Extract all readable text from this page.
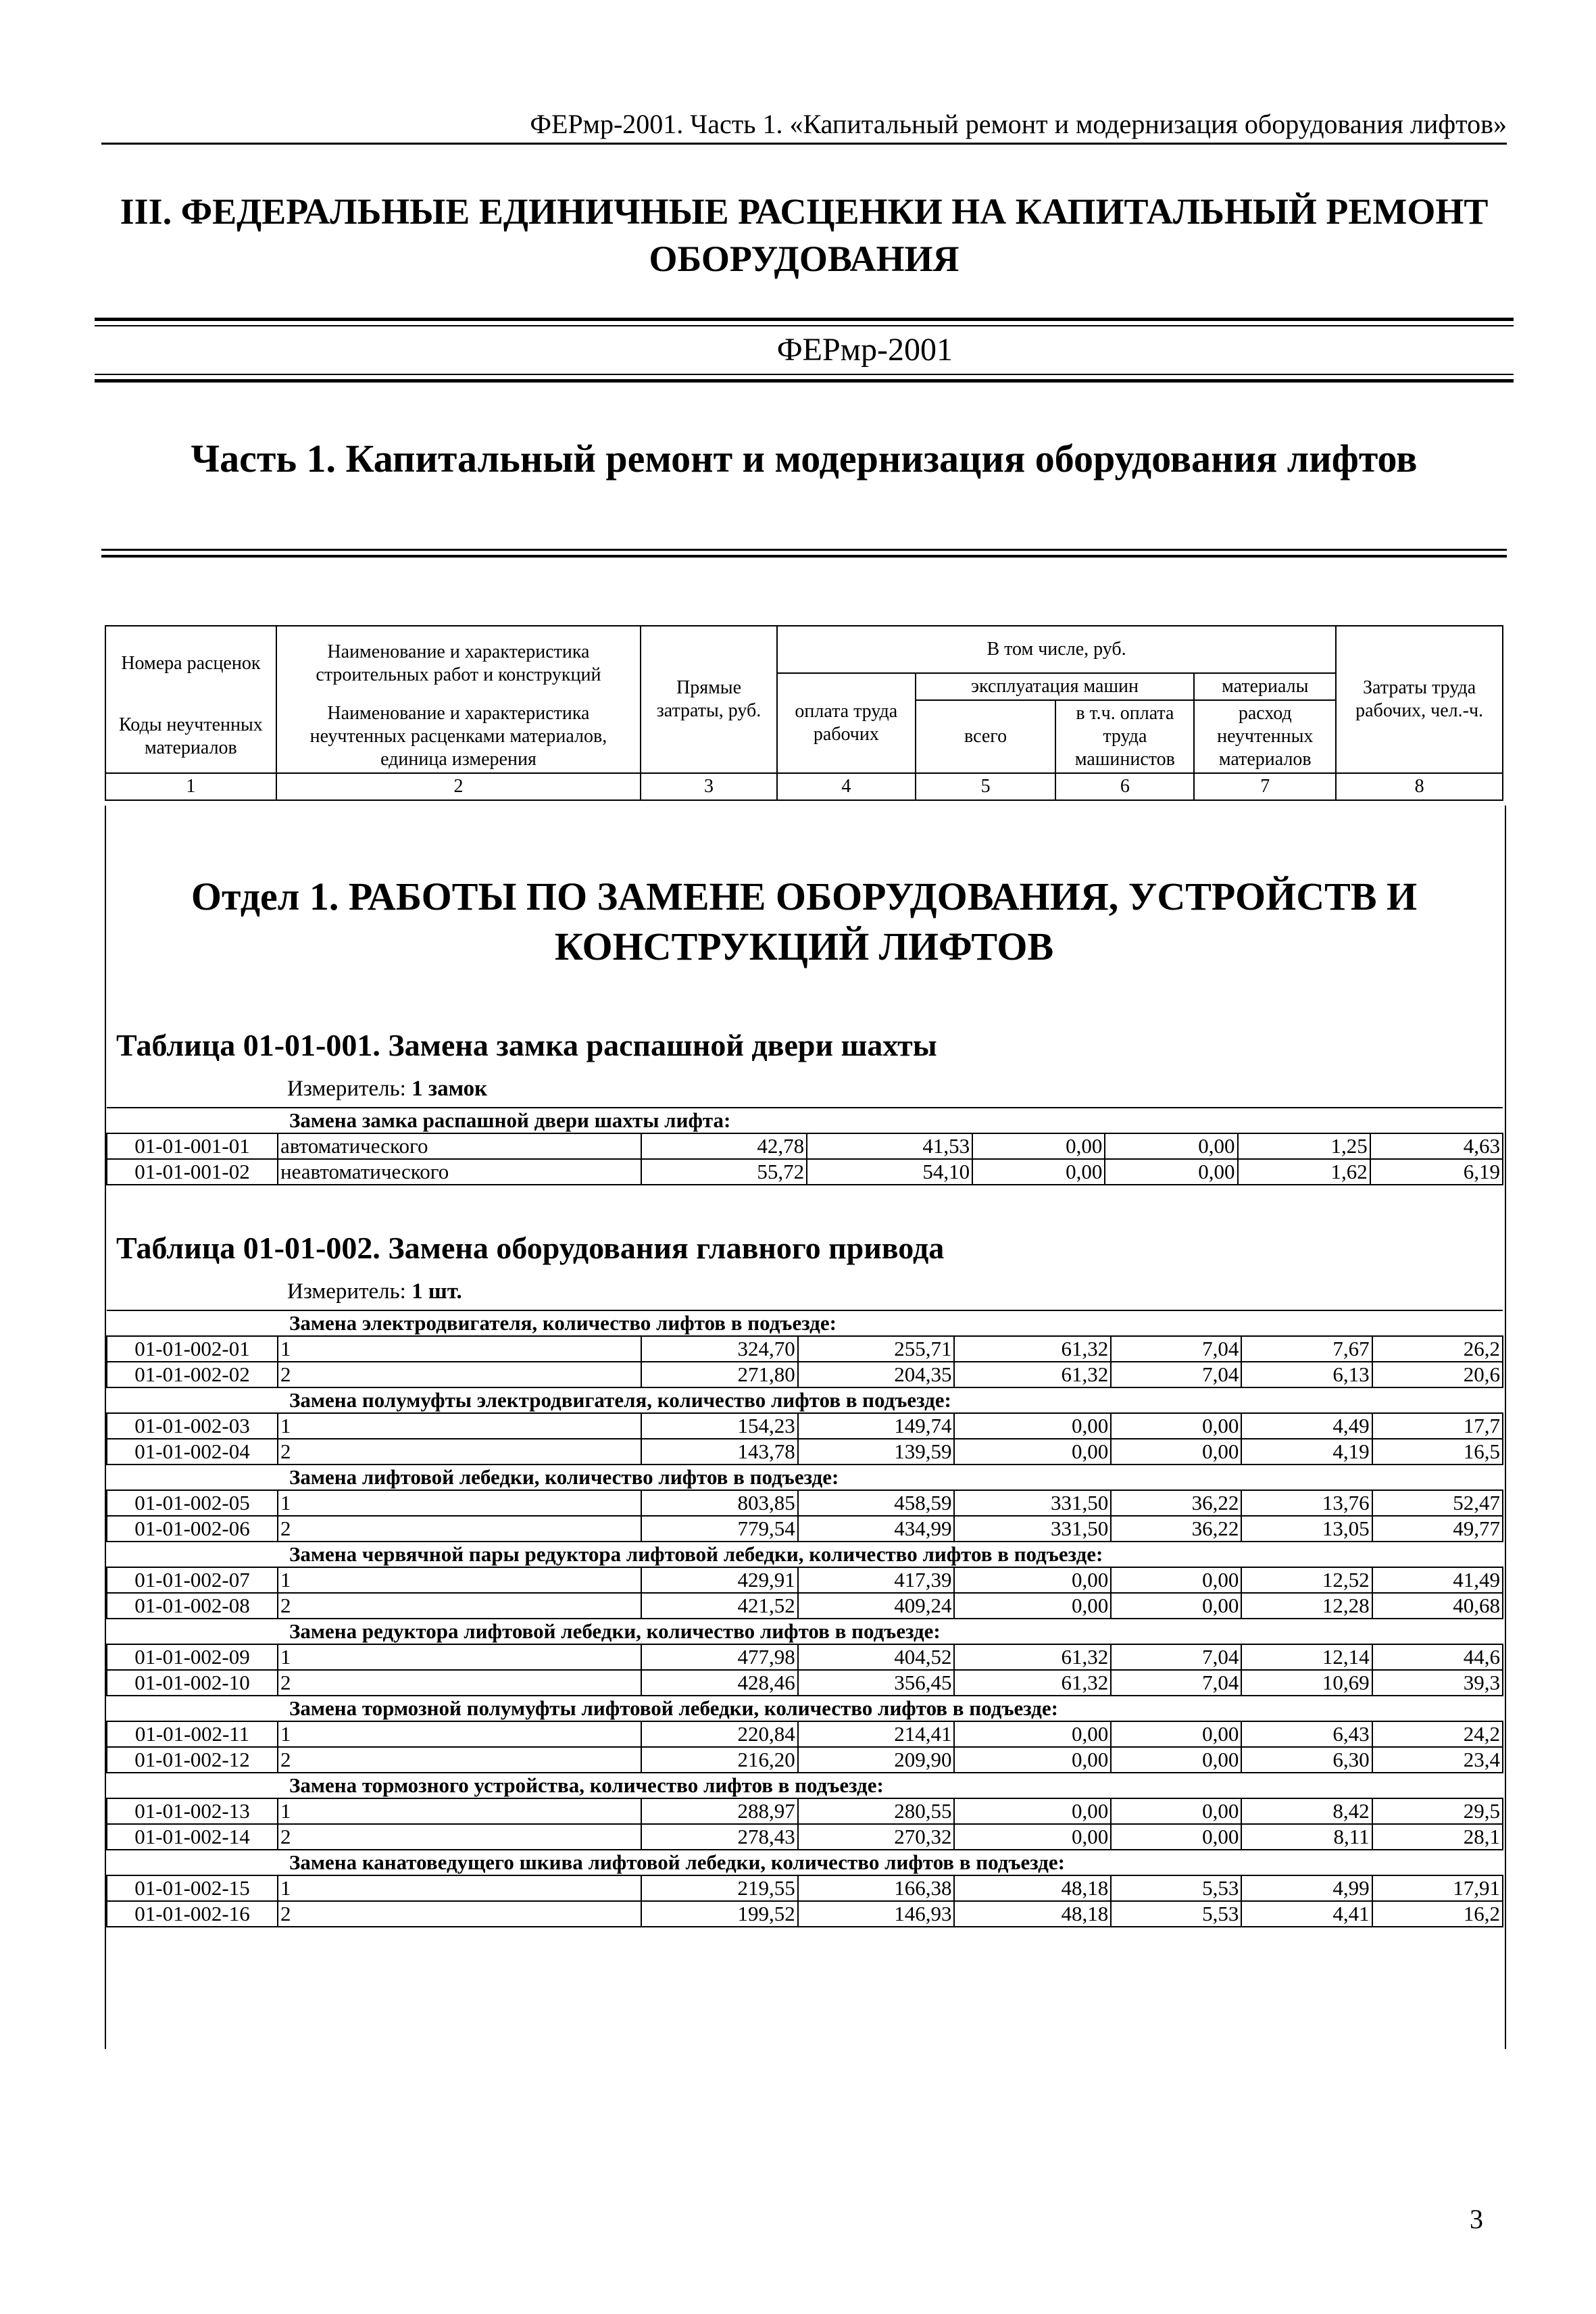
ФЕРмр-2001. Часть 1. «Капитальный ремонт и модернизация оборудования лифтов»
III. ФЕДЕРАЛЬНЫЕ ЕДИНИЧНЫЕ РАСЦЕНКИ НА КАПИТАЛЬНЫЙ РЕМОНТ
ОБОРУДОВАНИЯ
ФЕРмр-2001
Часть 1. Капитальный ремонт и модернизация оборудования лифтов
Номера расценок	Наименование и характеристика строительных работ и конструкций	Прямые затраты, руб.	В том числе, руб.				Затраты труда рабочих, чел.-ч.
			оплата труда рабочих	эксплуатация машин		материалы	
Коды неучтенных материалов	Наименование и характеристика неучтенных расценками материалов, единица измерения			всего	в т.ч. оплата труда машинистов	расход неучтенных материалов	

1	2	3	4	5	6	7	8
Отдел 1. РАБОТЫ ПО ЗАМЕНЕ ОБОРУДОВАНИЯ, УСТРОЙСТВ И
КОНСТРУКЦИЙ ЛИФТОВ
Таблица 01-01-001. Замена замка распашной двери шахты
Измеритель: 1 замок
Замена замка распашной двери шахты лифта:							
01-01-001-01	автоматического	42,78	41,53	0,00	0,00	1,25	4,63
01-01-001-02	неавтоматического	55,72	54,10	0,00	0,00	1,62	6,19
Таблица 01-01-002. Замена оборудования главного привода
Измеритель: 1 шт.
Замена электродвигателя, количество лифтов в подъезде:							
01-01-002-01	1	324,70	255,71	61,32	7,04	7,67	26,2
01-01-002-02	2	271,80	204,35	61,32	7,04	6,13	20,6
Замена полумуфты электродвигателя, количество лифтов в подъезде:							
01-01-002-03	1	154,23	149,74	0,00	0,00	4,49	17,7
01-01-002-04	2	143,78	139,59	0,00	0,00	4,19	16,5
Замена лифтовой лебедки, количество лифтов в подъезде:							
01-01-002-05	1	803,85	458,59	331,50	36,22	13,76	52,47
01-01-002-06	2	779,54	434,99	331,50	36,22	13,05	49,77
Замена червячной пары редуктора лифтовой лебедки, количество лифтов в подъезде:							
01-01-002-07	1	429,91	417,39	0,00	0,00	12,52	41,49
01-01-002-08	2	421,52	409,24	0,00	0,00	12,28	40,68
Замена редуктора лифтовой лебедки, количество лифтов в подъезде:							
01-01-002-09	1	477,98	404,52	61,32	7,04	12,14	44,6
01-01-002-10	2	428,46	356,45	61,32	7,04	10,69	39,3
Замена тормозной полумуфты лифтовой лебедки, количество лифтов в подъезде:							
01-01-002-11	1	220,84	214,41	0,00	0,00	6,43	24,2
01-01-002-12	2	216,20	209,90	0,00	0,00	6,30	23,4
Замена тормозного устройства, количество лифтов в подъезде:							
01-01-002-13	1	288,97	280,55	0,00	0,00	8,42	29,5
01-01-002-14	2	278,43	270,32	0,00	0,00	8,11	28,1
Замена канатоведущего шкива лифтовой лебедки, количество лифтов в подъезде:							
01-01-002-15	1	219,55	166,38	48,18	5,53	4,99	17,91
01-01-002-16	2	199,52	146,93	48,18	5,53	4,41	16,2
3
